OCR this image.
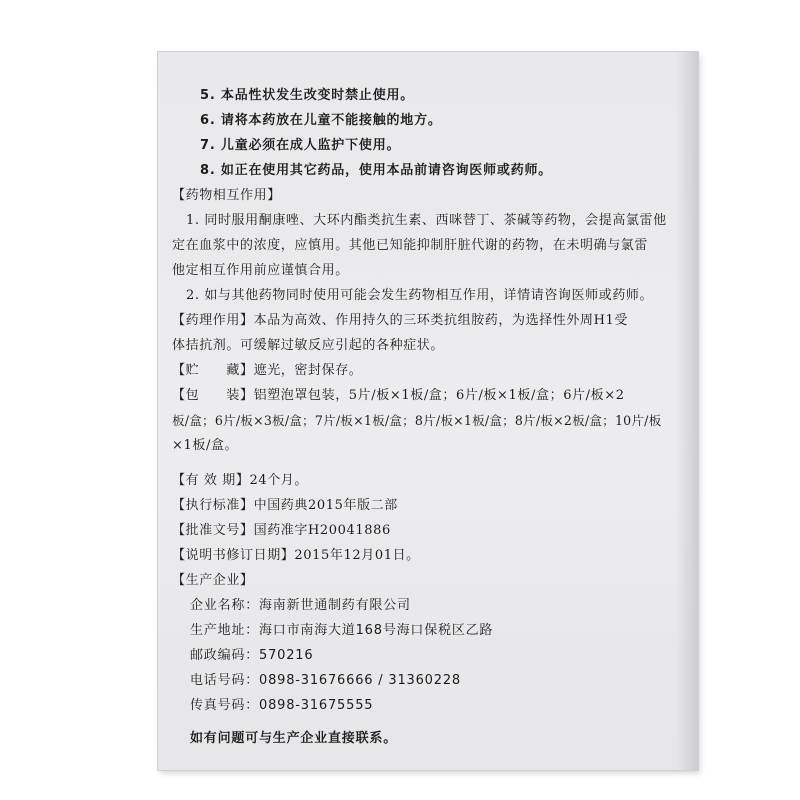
5. 本品性状发生改变时禁止使用。
6. 请将本药放在儿童不能接触的地方。
7. 儿童必须在成人监护下使用。
8. 如正在使用其它药品，使用本品前请咨询医师或药师。
【药物相互作用】
1. 同时服用酮康唑、大环内酯类抗生素、西咪替丁、茶碱等药物，会提高氯雷他
定在血浆中的浓度，应慎用。其他已知能抑制肝脏代谢的药物，在未明确与氯雷
他定相互作用前应谨慎合用。
2. 如与其他药物同时使用可能会发生药物相互作用，详情请咨询医师或药师。
【药理作用】本品为高效、作用持久的三环类抗组胺药，为选择性外周H1受
体拮抗剂。可缓解过敏反应引起的各种症状。
【贮　　藏】遮光，密封保存。
【包　　装】铝塑泡罩包装，5片/板×1板/盒；6片/板×1板/盒；6片/板×2
板/盒；6片/板×3板/盒；7片/板×1板/盒；8片/板×1板/盒；8片/板×2板/盒；10片/板
×1板/盒。
【有 效 期】24个月。
【执行标准】中国药典2015年版二部
【批准文号】国药准字H20041886
【说明书修订日期】2015年12月01日。
【生产企业】
企业名称：海南新世通制药有限公司
生产地址：海口市南海大道168号海口保税区乙路
邮政编码：570216
电话号码：0898-31676666 / 31360228
传真号码：0898-31675555
如有问题可与生产企业直接联系。
